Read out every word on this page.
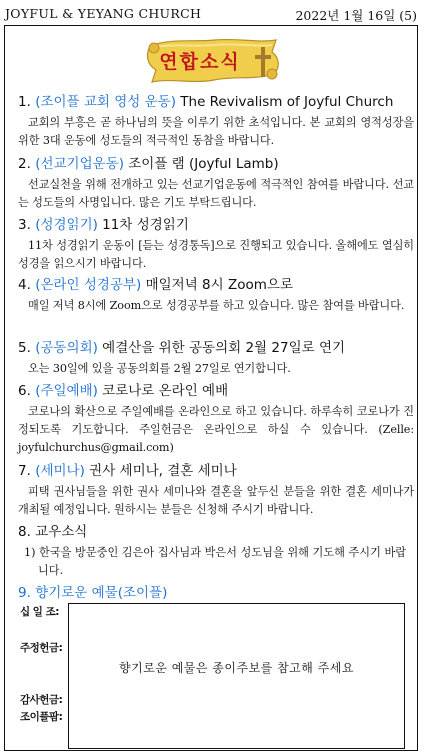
JOYFUL & YEYANG CHURCH	2022년 1월 16일 (5)
연합소식
1. (조이플 교회 영성 운동) The Revivalism of Joyful Church
교회의 부흥은 곧 하나님의 뜻을 이루기 위한 초석입니다. 본 교회의 영적성장을 위한 3대 운동에 성도들의 적극적인 동참을 바랍니다.
2. (선교기업운동) 조이플 램 (Joyful Lamb)
선교실천을 위해 전개하고 있는 선교기업운동에 적극적인 참여를 바랍니다. 선교는 성도들의 사명입니다. 많은 기도 부탁드립니다.
3. (성경읽기) 11차 성경읽기
11차 성경읽기 운동이 [듣는 성경통독]으로 진행되고 있습니다. 올해에도 열심히 성경을 읽으시기 바랍니다.
4. (온라인 성경공부) 매일저녁 8시 Zoom으로
매일 저녁 8시에 Zoom으로 성경공부를 하고 있습니다. 많은 참여를 바랍니다.
5. (공동의회) 예결산을 위한 공동의회 2월 27일로 연기
오는 30일에 있을 공동의회를 2월 27일로 연기합니다.
6. (주일예배) 코로나로 온라인 예배
코로나의 확산으로 주일예배를 온라인으로 하고 있습니다. 하루속히 코로나가 진정되도록 기도합니다. 주일헌금은 온라인으로 하실 수 있습니다. (Zelle: joyfulchurchus@gmail.com)
7. (세미나) 권사 세미나, 결혼 세미나
피택 권사님들을 위한 권사 세미나와 결혼을 앞두신 분들을 위한 결혼 세미나가 개최될 예정입니다. 원하시는 분들은 신청해 주시기 바랍니다.
8. 교우소식
1) 한국을 방문중인 김은아 집사님과 박은서 성도님을 위해 기도해 주시기 바랍니다.
9. 향기로운 예물(조이플)
십 일 조:
주정헌금:
감사헌금:
조이플팜:
향기로운 예물은 종이주보를 참고해 주세요
